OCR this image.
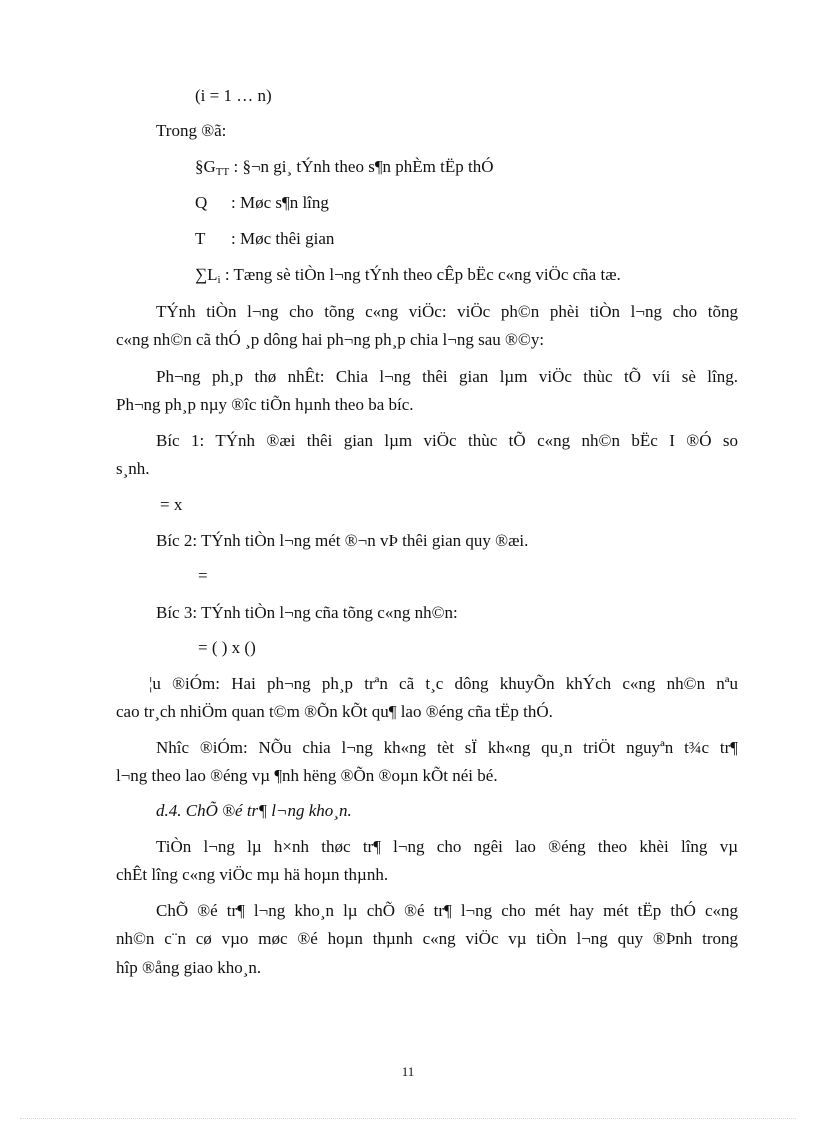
(i = 1 … n)
Trong ®ã:
$\S G_{TT}$ : §¬n gi¸ tÝnh theo s¶n phÈm tËp thÓ
Q : Møc s¶n lîng
T : Møc thêi gian
$\sum L_i$ : Tæng sè tiÒn l¬ng tÝnh theo cÊp bËc c«ng viÖc cña tæ.
TÝnh tiÒn l¬ng cho tõng c«ng viÖc: viÖc ph©n phèi tiÒn l¬ng cho tõng
c«ng nh©n cã thÓ ¸p dông hai ph¬ng ph¸p chia l¬ng sau ®©y:
Ph¬ng ph¸p thø nhÊt: Chia l¬ng thêi gian lµm viÖc thùc tÕ víi sè lîng.
Ph¬ng ph¸p nµy ®îc tiÕn hµnh theo ba bíc.
Bíc 1: TÝnh ®æi thêi gian lµm viÖc thùc tÕ c«ng nh©n bËc I ®Ó so
s¸nh.
= x
Bíc 2: TÝnh tiÒn l¬ng mét ®¬n vÞ thêi gian quy ®æi.
=
Bíc 3: TÝnh tiÒn l¬ng cña tõng c«ng nh©n:
= ( ) x ()
¦u ®iÓm: Hai ph¬ng ph¸p trªn cã t¸c dông khuyÕn khÝch c«ng nh©n nªu
cao tr¸ch nhiÖm quan t©m ®Õn kÕt qu¶ lao ®éng cña tËp thÓ.
Nhîc ®iÓm: NÕu chia l¬ng kh«ng tèt sÏ kh«ng qu¸n triÖt nguyªn t¾c tr¶
l¬ng theo lao ®éng vµ ¶nh hëng ®Õn ®oµn kÕt néi bé.
d.4. ChÕ ®é tr¶ l¬ng kho¸n.
TiÒn l¬ng lµ h×nh thøc tr¶ l¬ng cho ngêi lao ®éng theo khèi lîng vµ
chÊt lîng c«ng viÖc mµ hä hoµn thµnh.
ChÕ ®é tr¶ l¬ng kho¸n lµ chÕ ®é tr¶ l¬ng cho mét hay mét tËp thÓ c«ng
nh©n c¨n cø vµo møc ®é hoµn thµnh c«ng viÖc vµ tiÒn l¬ng quy ®Þnh trong
hîp ®ång giao kho¸n.
11
